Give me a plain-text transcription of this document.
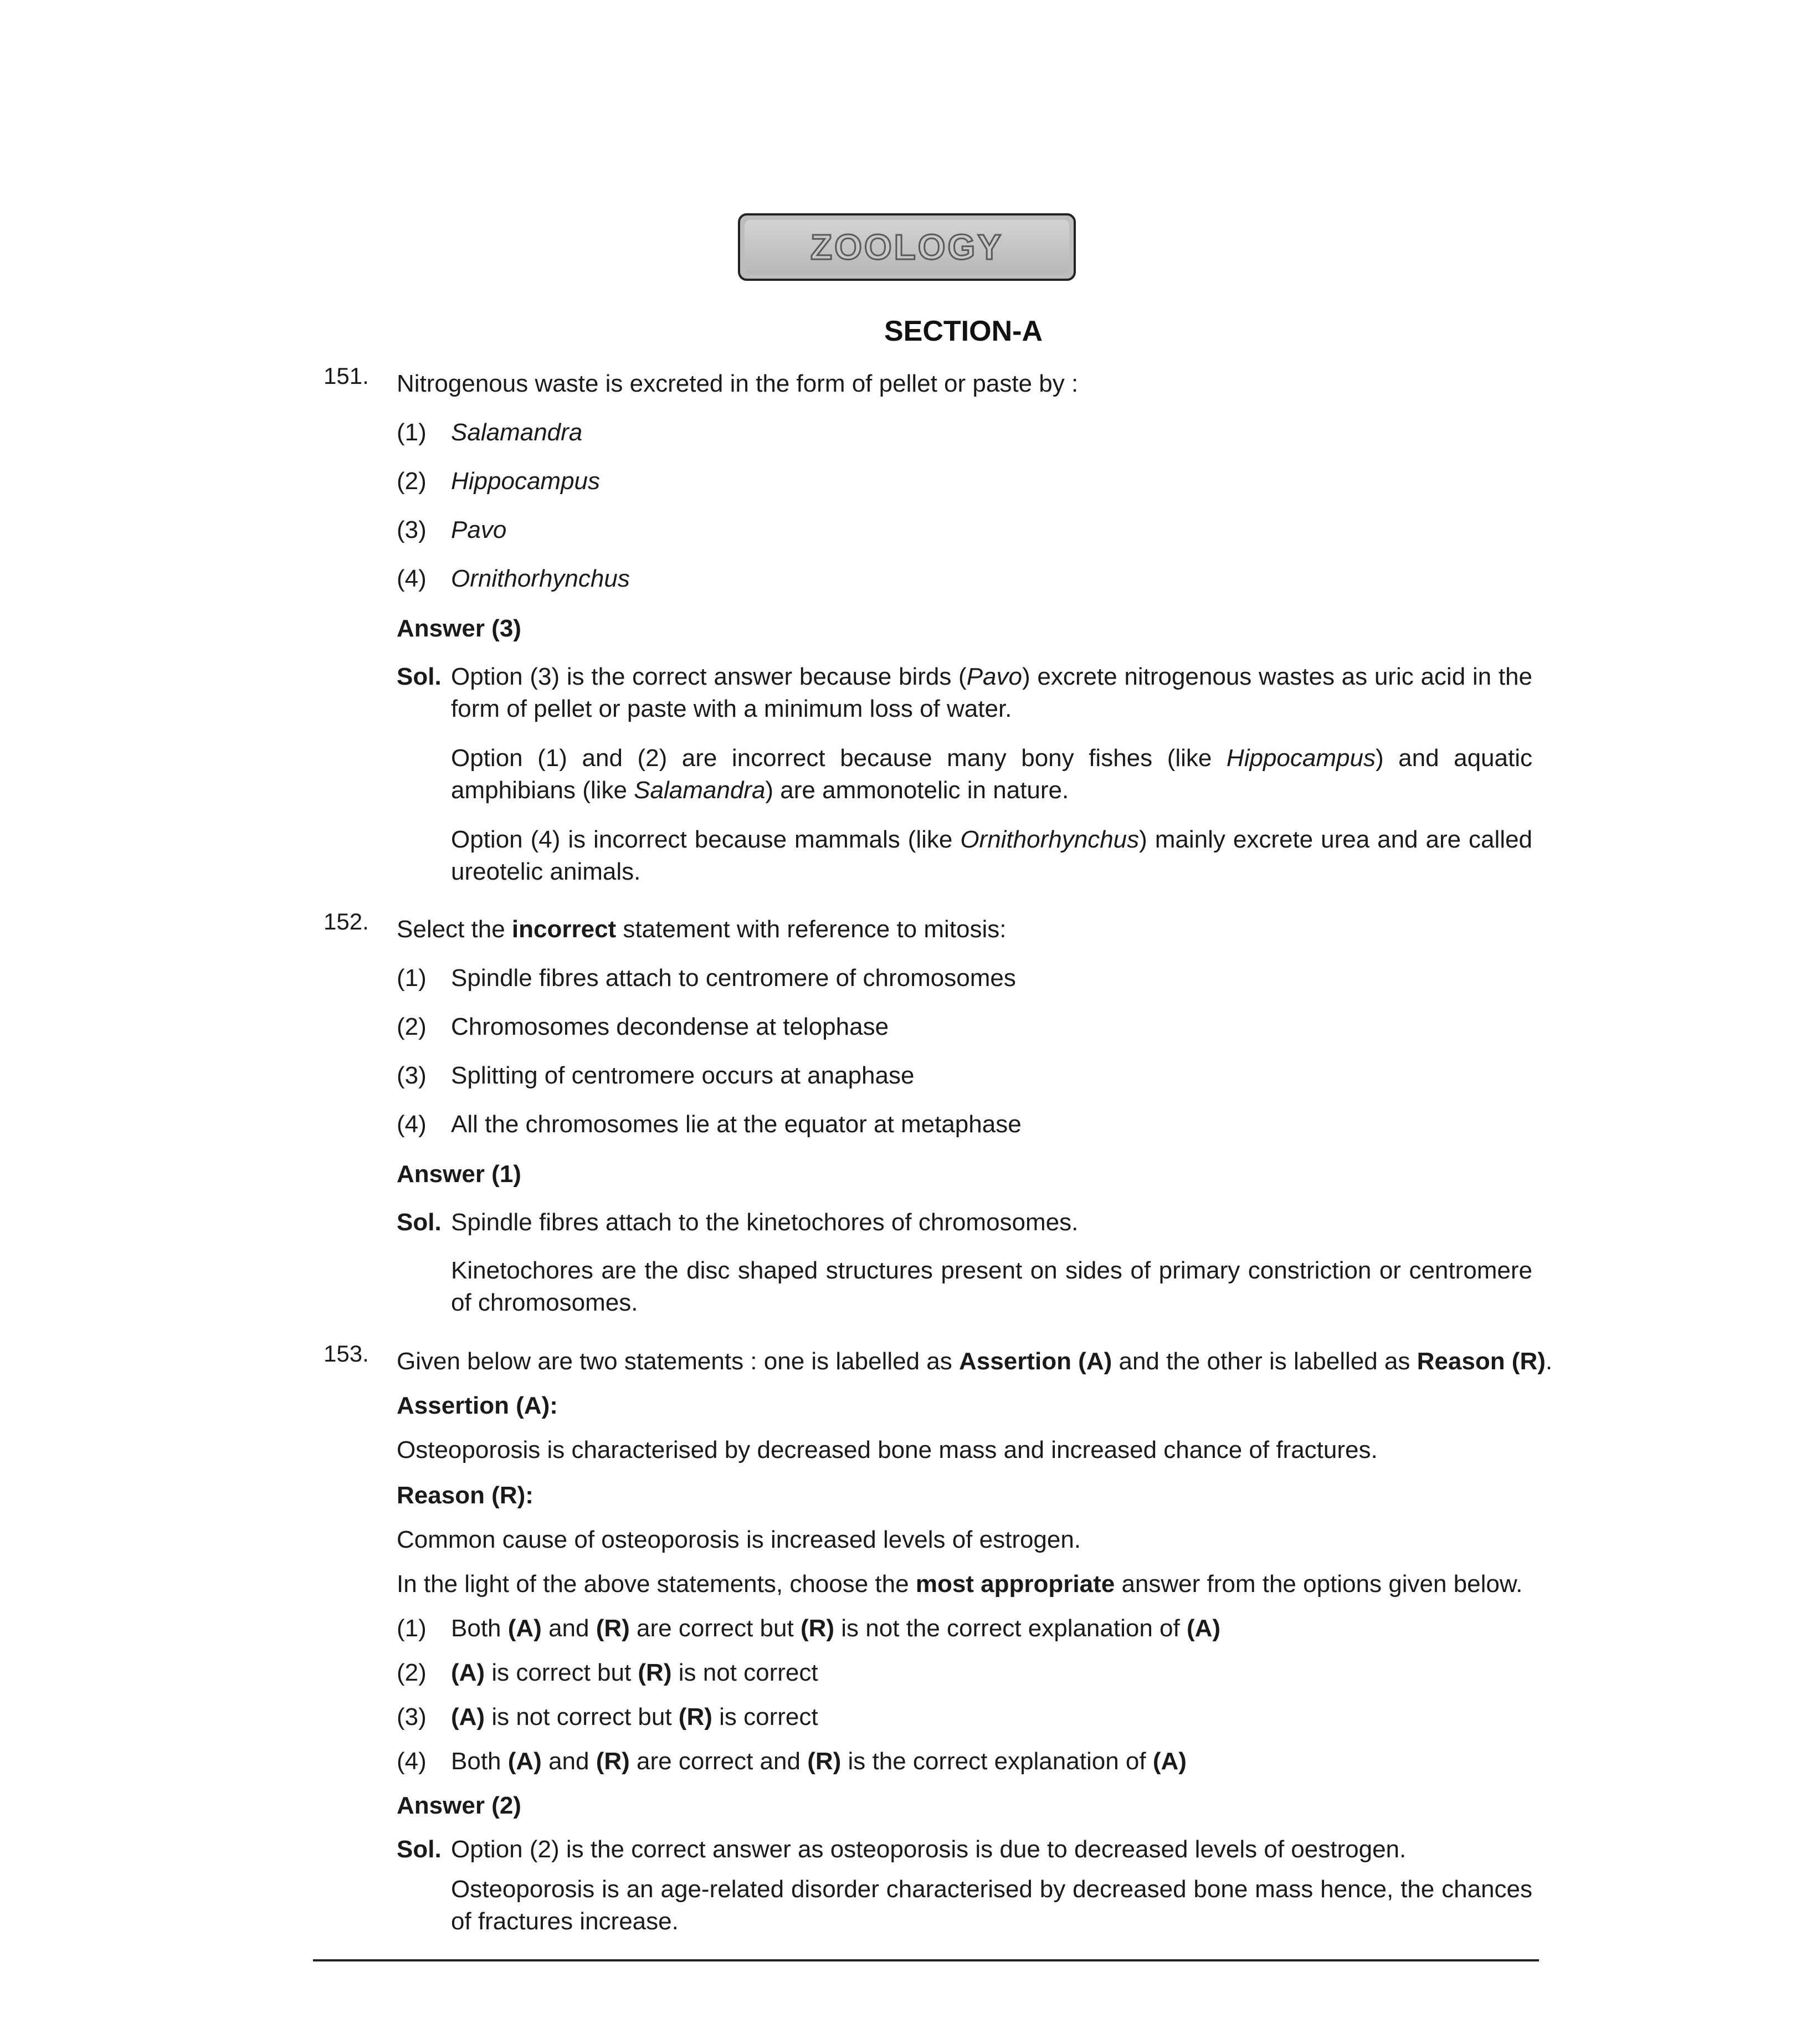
ZOOLOGY
SECTION-A
151. Nitrogenous waste is excreted in the form of pellet or paste by :
(1)	Salamandra
(2)	Hippocampus
(3)	Pavo
(4)	Ornithorhynchus
Answer (3)
Sol. Option (3) is the correct answer because birds (Pavo) excrete nitrogenous wastes as uric acid in the form of pellet or paste with a minimum loss of water.
Option (1) and (2) are incorrect because many bony fishes (like Hippocampus) and aquatic amphibians (like Salamandra) are ammonotelic in nature.
Option (4) is incorrect because mammals (like Ornithorhynchus) mainly excrete urea and are called ureotelic animals.
152. Select the incorrect statement with reference to mitosis:
(1)	Spindle fibres attach to centromere of chromosomes
(2)	Chromosomes decondense at telophase
(3)	Splitting of centromere occurs at anaphase
(4)	All the chromosomes lie at the equator at metaphase
Answer (1)
Sol. Spindle fibres attach to the kinetochores of chromosomes.
Kinetochores are the disc shaped structures present on sides of primary constriction or centromere of chromosomes.
153. Given below are two statements : one is labelled as Assertion (A) and the other is labelled as Reason (R).
Assertion (A):
Osteoporosis is characterised by decreased bone mass and increased chance of fractures.
Reason (R):
Common cause of osteoporosis is increased levels of estrogen.
In the light of the above statements, choose the most appropriate answer from the options given below.
(1)	Both (A) and (R) are correct but (R) is not the correct explanation of (A)
(2)	(A) is correct but (R) is not correct
(3)	(A) is not correct but (R) is correct
(4)	Both (A) and (R) are correct and (R) is the correct explanation of (A)
Answer (2)
Sol. Option (2) is the correct answer as osteoporosis is due to decreased levels of oestrogen.
Osteoporosis is an age-related disorder characterised by decreased bone mass hence, the chances of fractures increase.
